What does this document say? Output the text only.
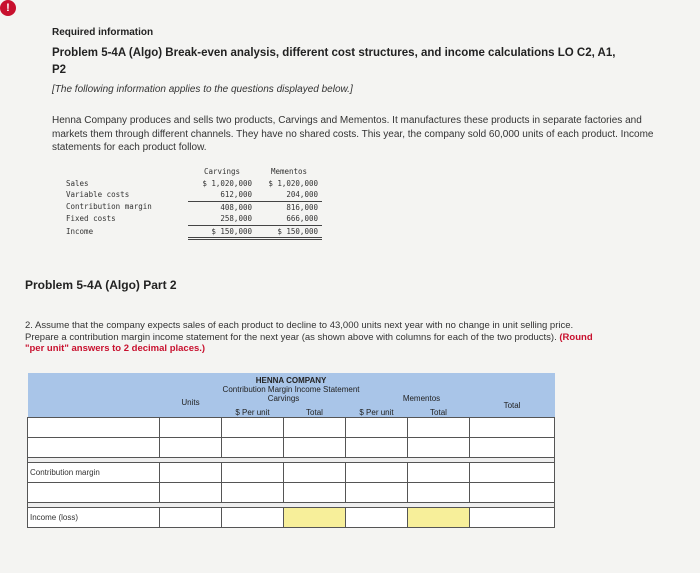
!
Required information
Problem 5-4A (Algo) Break-even analysis, different cost structures, and income calculations LO C2, A1,
P2
[The following information applies to the questions displayed below.]
Henna Company produces and sells two products, Carvings and Mementos. It manufactures these products in separate factories and markets them through different channels. They have no shared costs. This year, the company sold 60,000 units of each product. Income statements for each product follow.
	Carvings	Mementos
Sales	$ 1,020,000	$ 1,020,000
Variable costs	612,000	204,000
Contribution margin	408,000	816,000
Fixed costs	258,000	666,000
Income	$ 150,000	$ 150,000
Problem 5-4A (Algo) Part 2
2. Assume that the company expects sales of each product to decline to 43,000 units next year with no change in unit selling price.
Prepare a contribution margin income statement for the next year (as shown above with columns for each of the two products). (Round
"per unit" answers to 2 decimal places.)
HENNA COMPANY						
Contribution Margin Income Statement						
	Units	Carvings		Mementos		Total
		$ Per unit	Total	$ Per unit	Total	

Contribution margin						

Income (loss)						
